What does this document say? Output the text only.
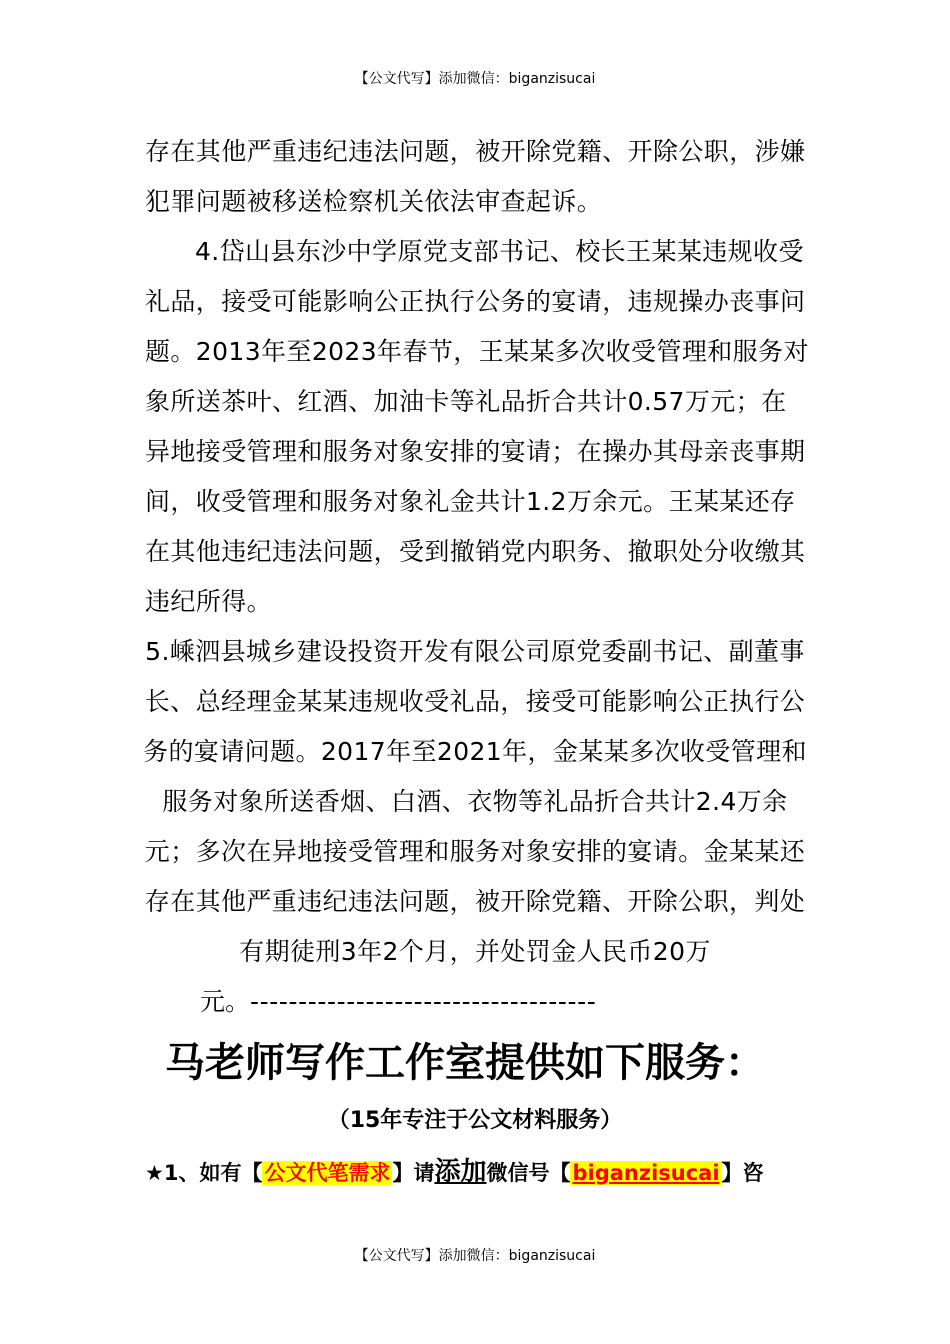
【公文代写】添加微信：biganzisucai
存在其他严重违纪违法问题，被开除党籍、开除公职，涉嫌犯罪问题被移送检察机关依法审查起诉。
4.岱山县东沙中学原党支部书记、校长王某某违规收受礼品，接受可能影响公正执行公务的宴请，违规操办丧事问题。2013年至2023年春节，王某某多次收受管理和服务对象所送茶叶、红酒、加油卡等礼品折合共计0.57万元；在异地接受管理和服务对象安排的宴请；在操办其母亲丧事期间，收受管理和服务对象礼金共计1.2万余元。王某某还存在其他违纪违法问题，受到撤销党内职务、撤职处分收缴其违纪所得。
5.嵊泗县城乡建设投资开发有限公司原党委副书记、副董事长、总经理金某某违规收受礼品，接受可能影响公正执行公务的宴请问题。2017年至2021年，金某某多次收受管理和服务对象所送香烟、白酒、衣物等礼品折合共计2.4万余元；多次在异地接受管理和服务对象安排的宴请。金某某还存在其他严重违纪违法问题，被开除党籍、开除公职，判处有期徒刑3年2个月，并处罚金人民币20万
元。------------------------------------
马老师写作工作室提供如下服务：
（15年专注于公文材料服务）
★1、如有【公文代笔需求】请添加微信号【biganzisucai】咨
【公文代写】添加微信：biganzisucai
